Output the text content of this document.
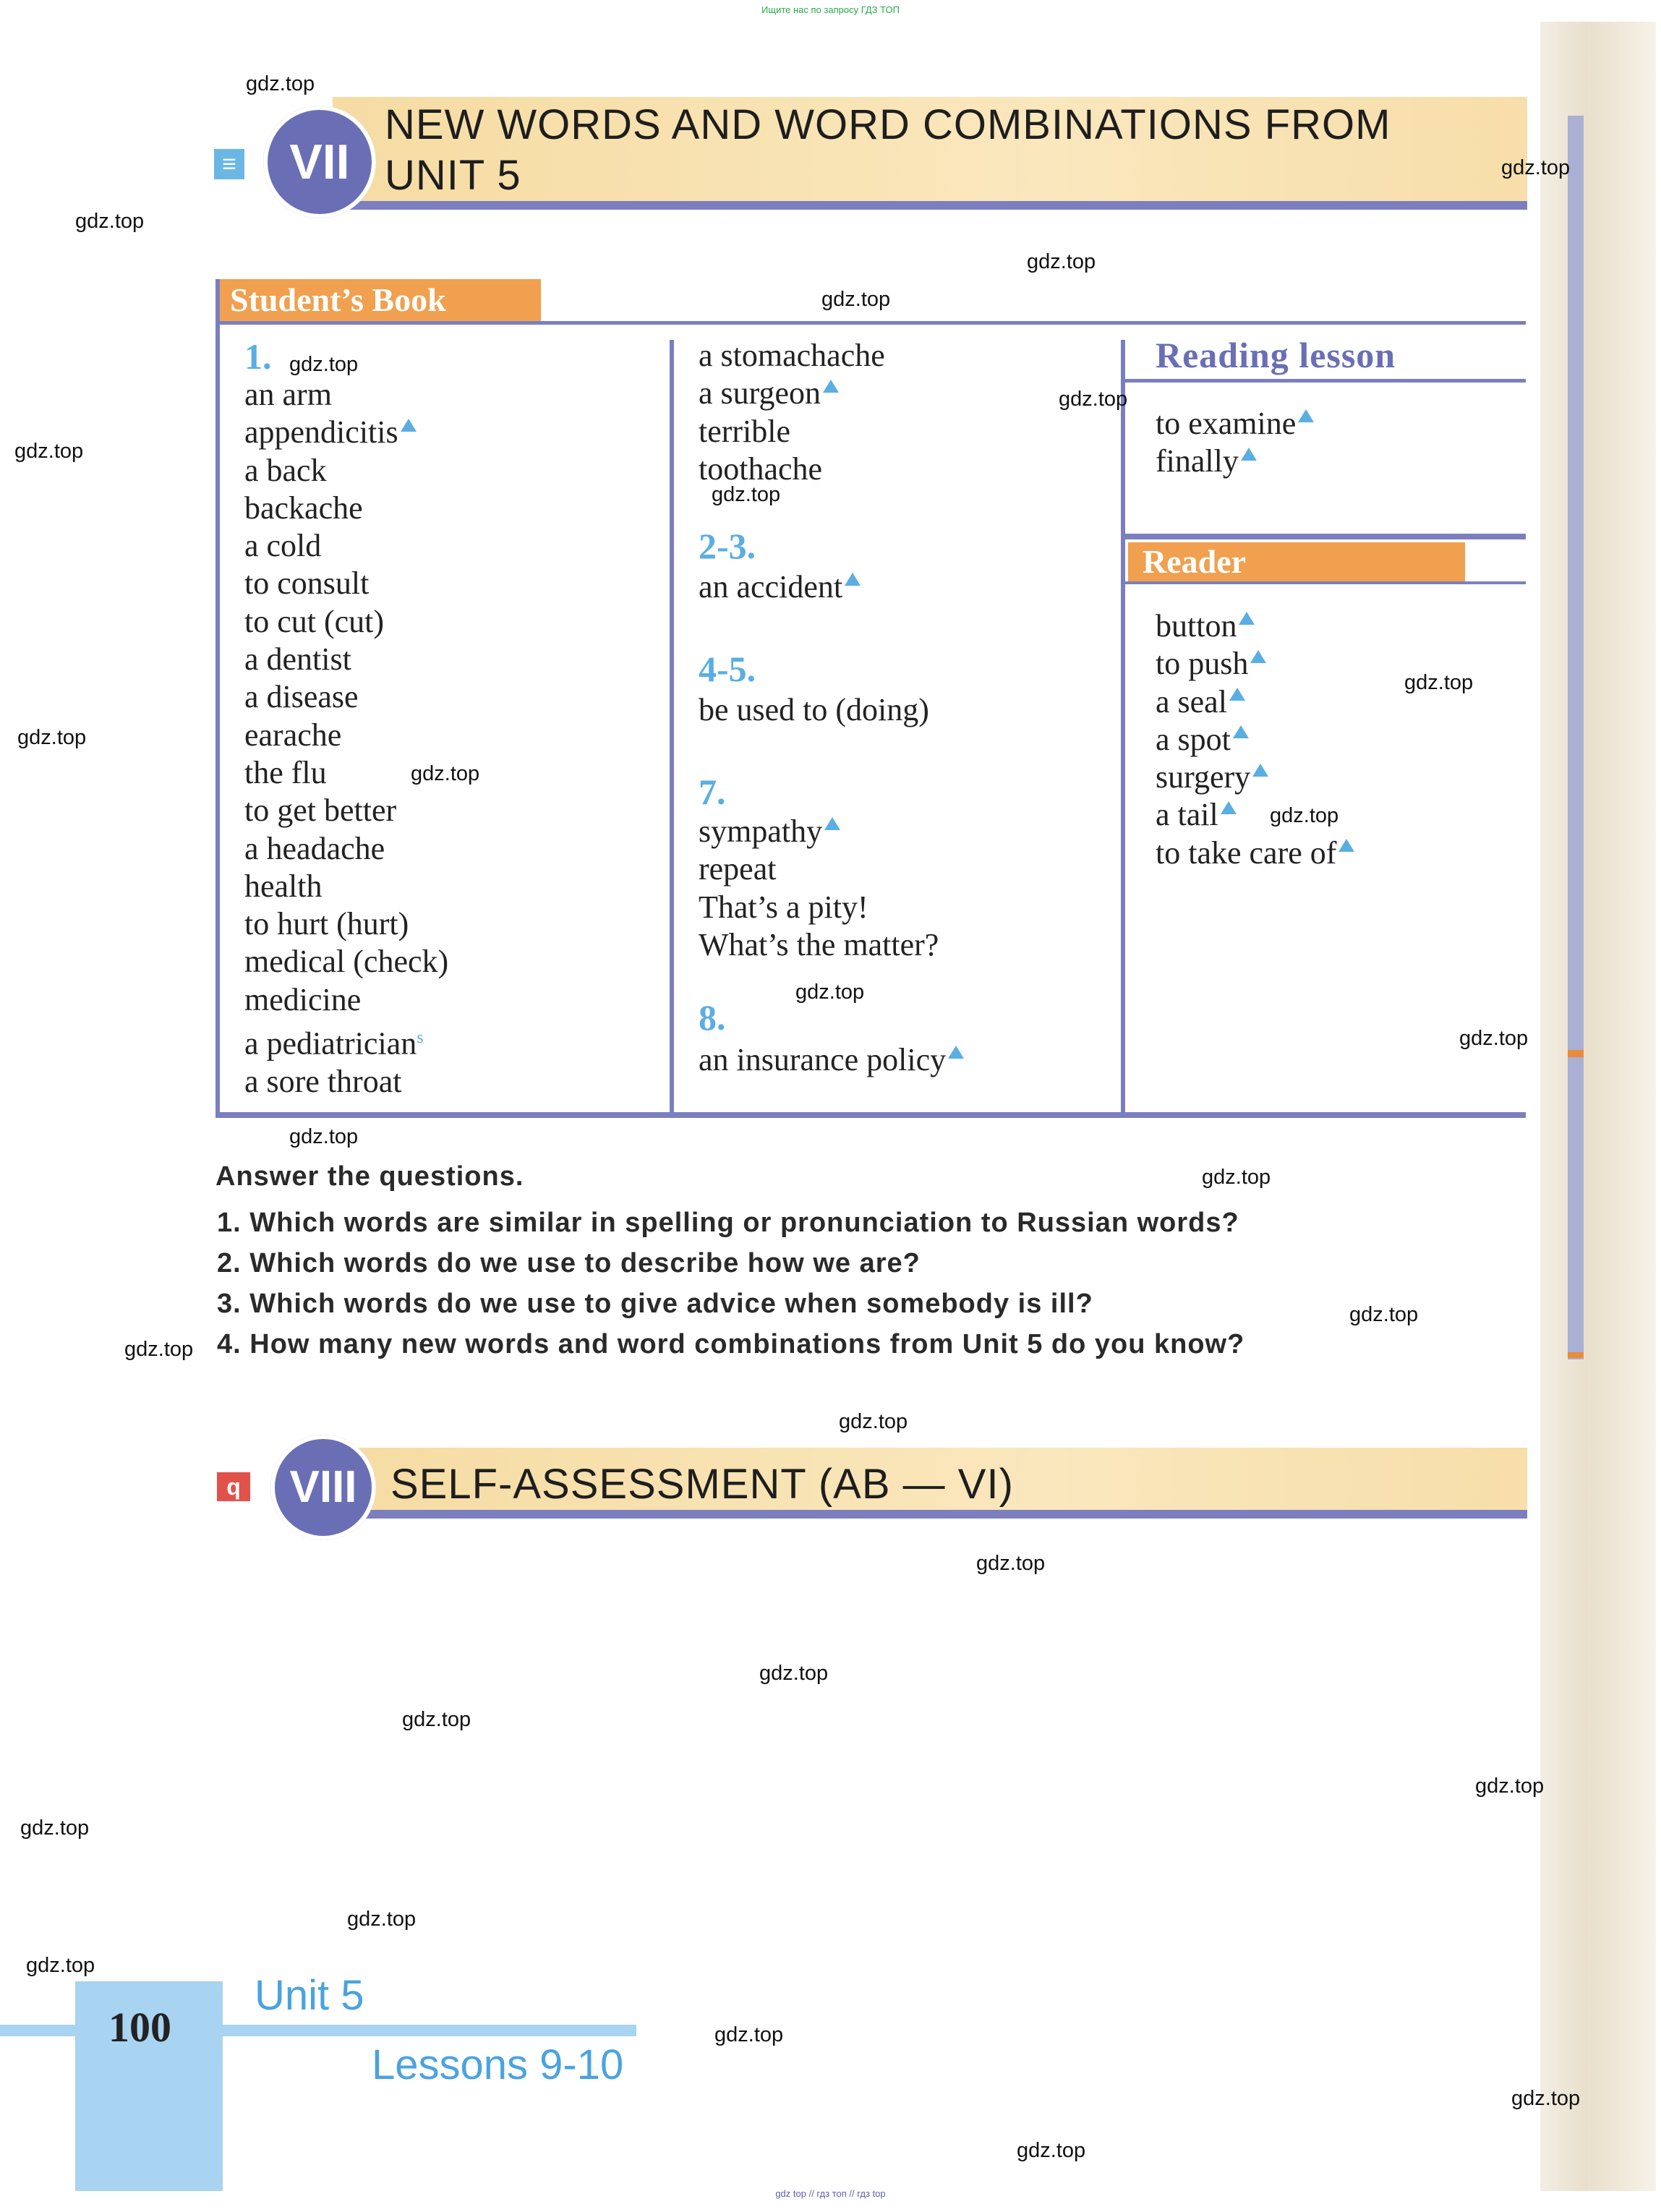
Ищите нас по запросу ГДЗ ТОП
≡	VII
NEW WORDS AND WORD COMBINATIONS FROM
UNIT 5
Student’s Book
1.
an arm
appendicitis
a back
backache
a cold
to consult
to cut (cut)
a dentist
a disease
earache
the flu
to get better
a headache
health
to hurt (hurt)
medical (check)
medicine
a pediatrician$^s$
a sore throat
a stomachache
a surgeon
terrible
toothache
2-3.
an accident
4-5.
be used to (doing)
7.
sympathy
repeat
That’s a pity!
What’s the matter?
8.
an insurance policy
Reading lesson
to examine
finally
Reader
button
to push
a seal
a spot
surgery
a tail
to take care of
Answer the questions.
1. Which words are similar in spelling or pronunciation to Russian words?
2. Which words do we use to describe how we are?
3. Which words do we use to give advice when somebody is ill?
4. How many new words and word combinations from Unit 5 do you know?
q	VIII SELF-ASSESSMENT (AB — VI)
100
Unit 5
Lessons 9-10
gdz top // гдз топ // гдз top
gdz.top
gdz.top
gdz.top
gdz.top
gdz.top
gdz.top
gdz.top
gdz.top
gdz.top
gdz.top
gdz.top
gdz.top
gdz.top
gdz.top
gdz.top
gdz.top
gdz.top
gdz.top
gdz.top
gdz.top
gdz.top
gdz.top
gdz.top
gdz.top
gdz.top
gdz.top
gdz.top
gdz.top
gdz.top
gdz.top
